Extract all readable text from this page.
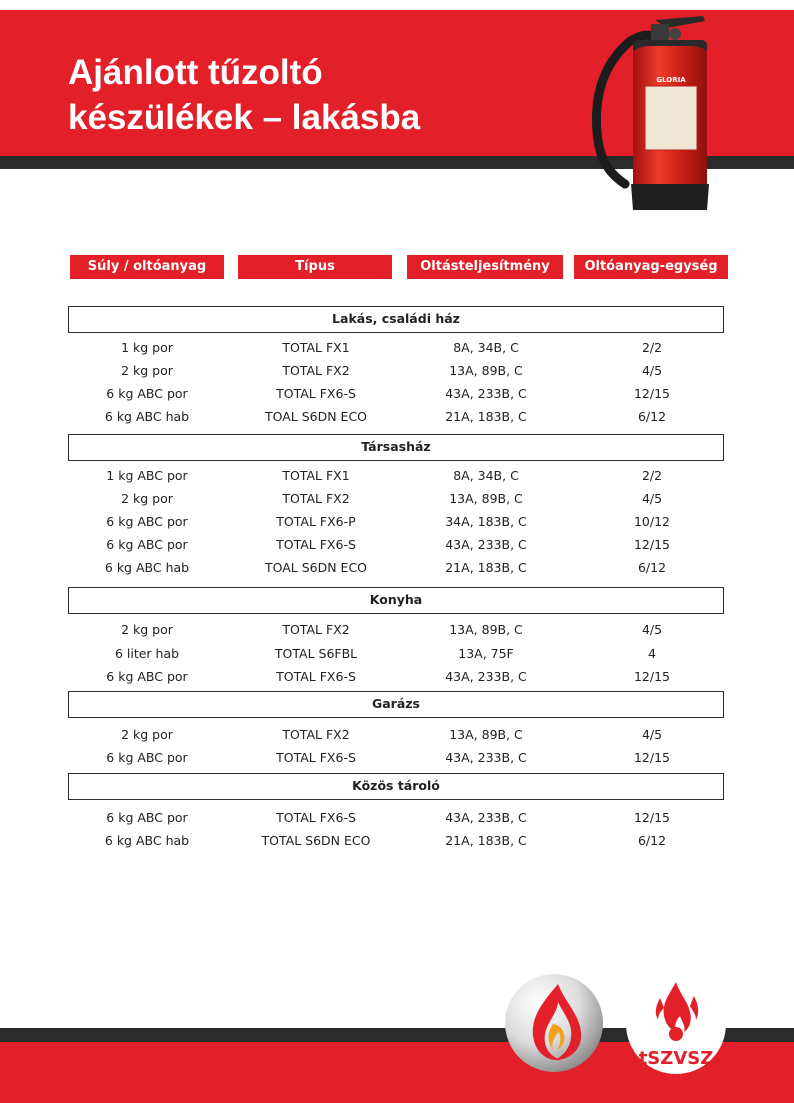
Ajánlott tűzoltó
készülékek – lakásba
GLORIA
Súly / oltóanyag	Típus	Oltásteljesítmény	Oltóanyag-egység
Lakás, családi ház
1 kg por	TOTAL FX1	8A, 34B, C	2/2
2 kg por	TOTAL FX2	13A, 89B, C	4/5
6 kg ABC por	TOTAL FX6-S	43A, 233B, C	12/15
6 kg ABC hab	TOAL S6DN ECO	21A, 183B, C	6/12
Társasház
1 kg ABC por	TOTAL FX1	8A, 34B, C	2/2
2 kg por	TOTAL FX2	13A, 89B, C	4/5
6 kg ABC por	TOTAL FX6-P	34A, 183B, C	10/12
6 kg ABC por	TOTAL FX6-S	43A, 233B, C	12/15
6 kg ABC hab	TOAL S6DN ECO	21A, 183B, C	6/12
Konyha
2 kg por	TOTAL FX2	13A, 89B, C	4/5
6 liter hab	TOTAL S6FBL	13A, 75F	4
6 kg ABC por	TOTAL FX6-S	43A, 233B, C	12/15
Garázs
2 kg por	TOTAL FX2	13A, 89B, C	4/5
6 kg ABC por	TOTAL FX6-S	43A, 233B, C	12/15
Közös tároló
6 kg ABC por	TOTAL FX6-S	43A, 233B, C	12/15
6 kg ABC hab	TOTAL S6DN ECO	21A, 183B, C	6/12
tSZVSZ
